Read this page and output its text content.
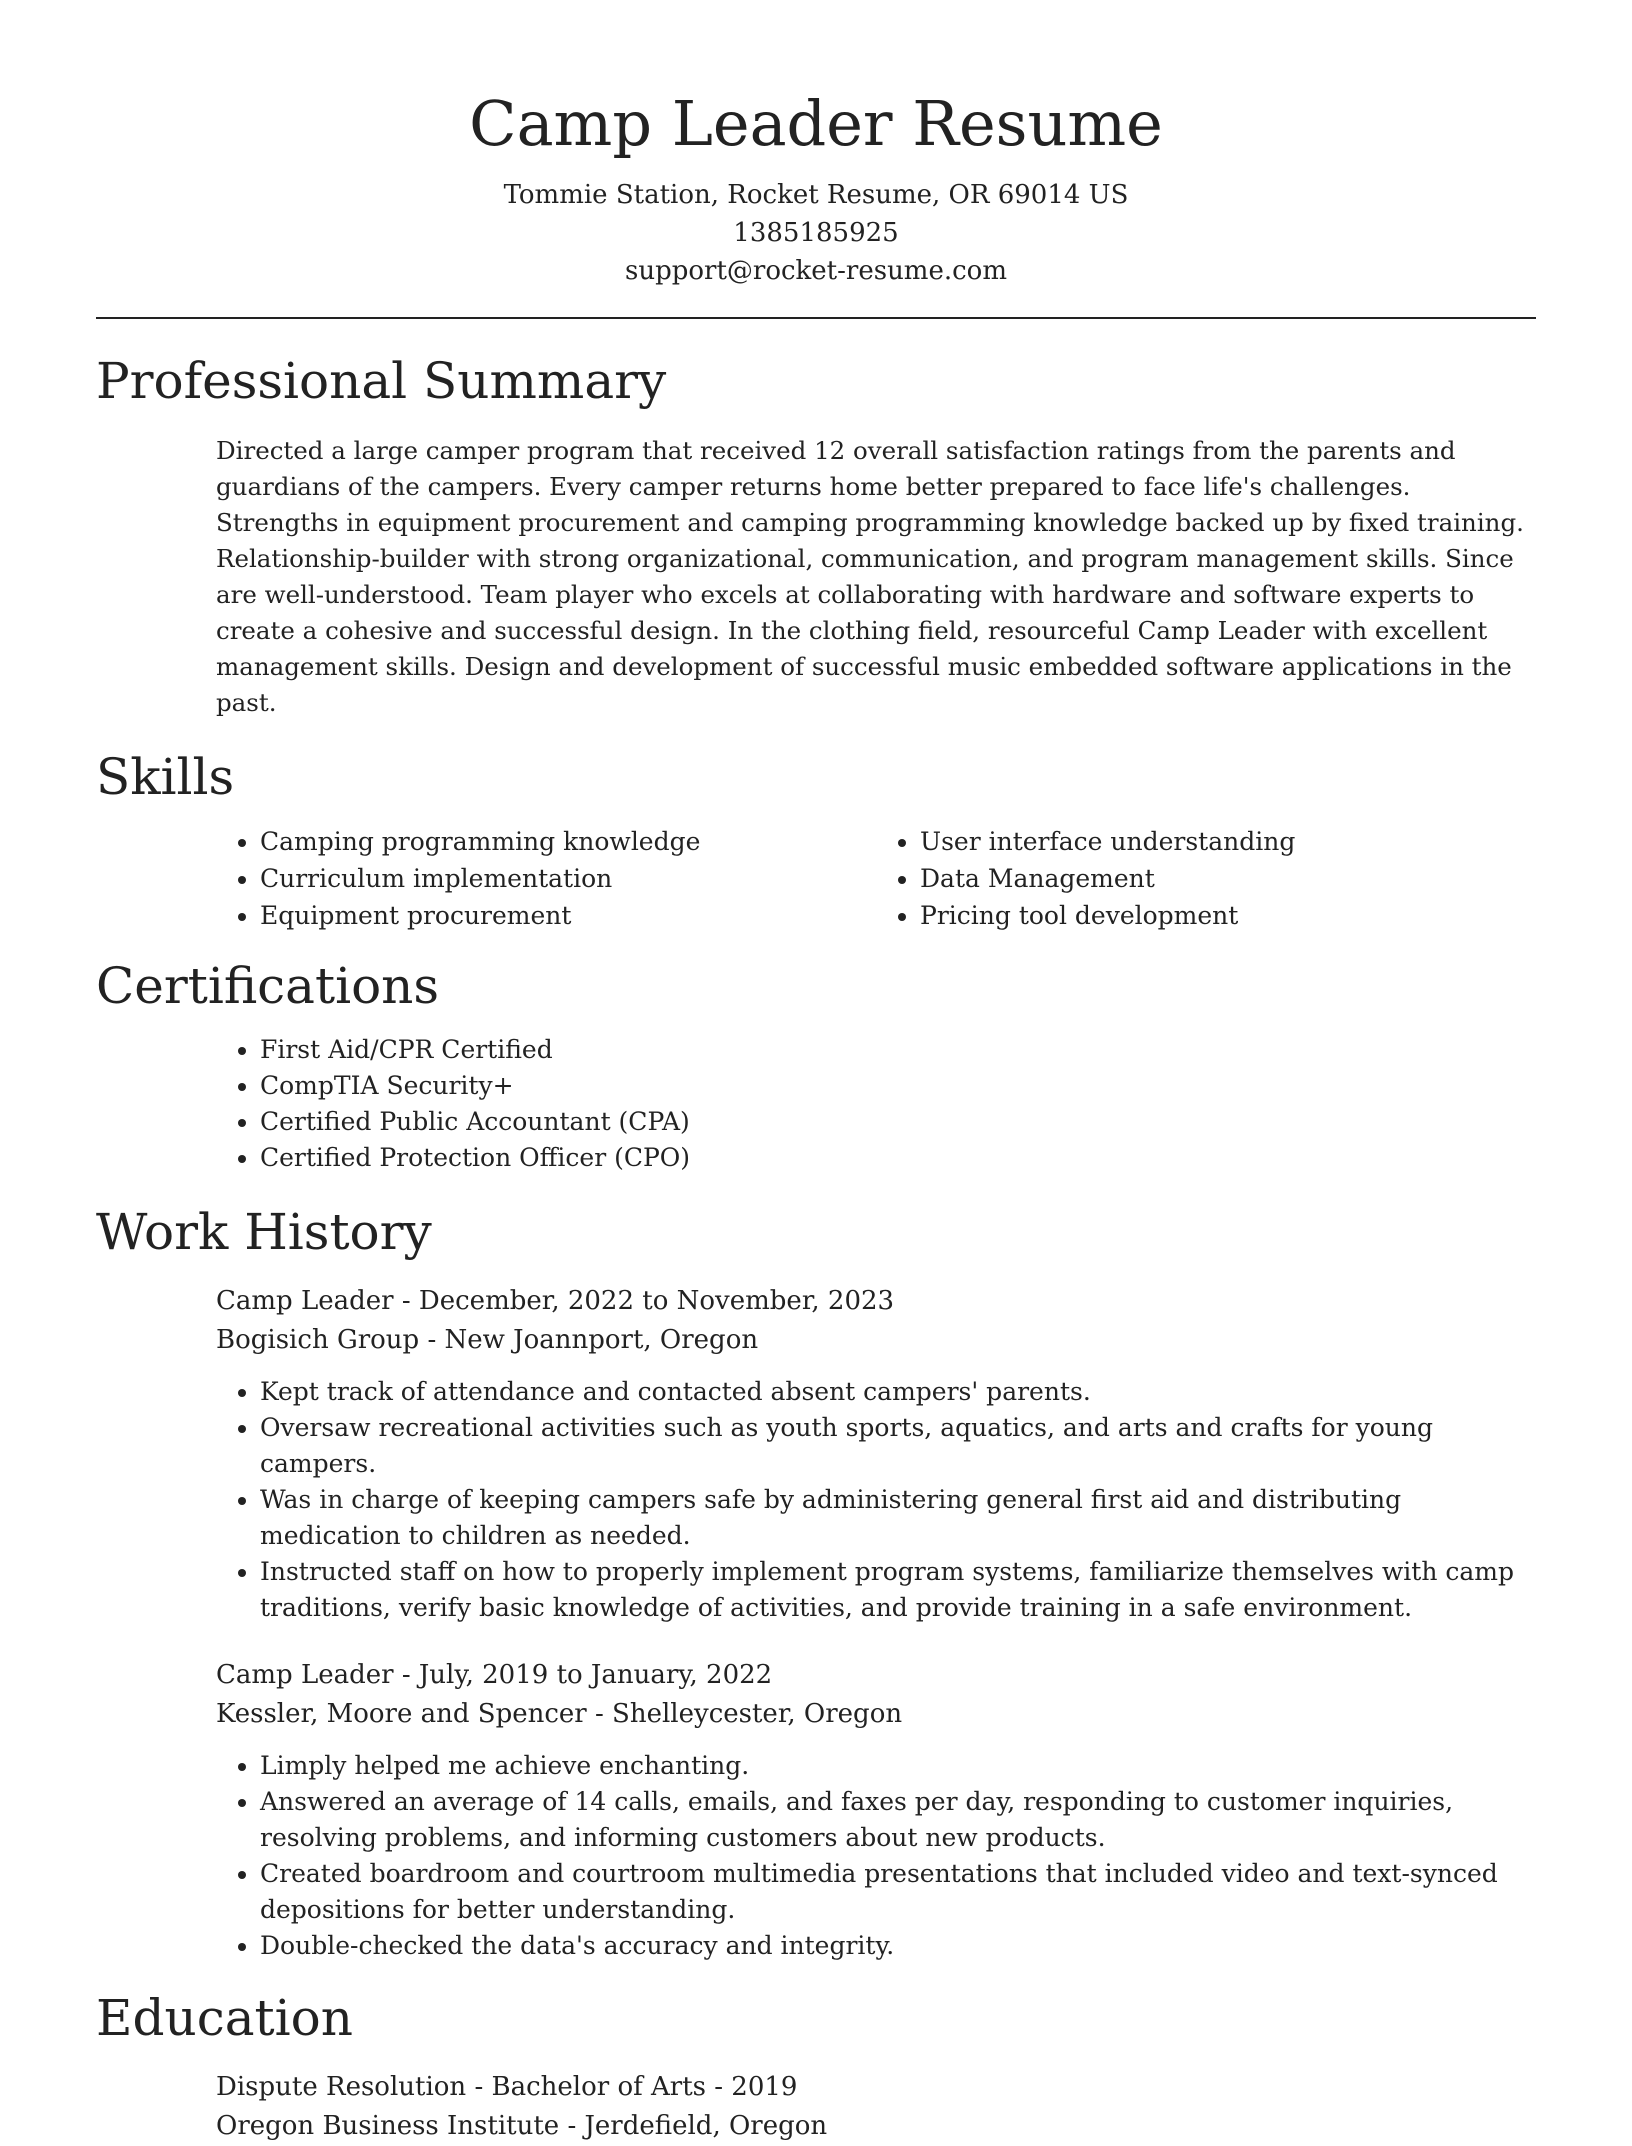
Camp Leader Resume
Tommie Station, Rocket Resume, OR 69014 US
1385185925
support@rocket-resume.com
Professional Summary

Directed a large camper program that received 12 overall satisfaction ratings from the parents and guardians of the campers. Every camper returns home better prepared to face life's challenges. Strengths in equipment procurement and camping programming knowledge backed up by fixed training. Relationship-builder with strong organizational, communication, and program management skills. Since are well-understood. Team player who excels at collaborating with hardware and software experts to create a cohesive and successful design. In the clothing field, resourceful Camp Leader with excellent management skills. Design and development of successful music embedded software applications in the past.

Skills
• Camping programming knowledge
• Curriculum implementation
• Equipment procurement
• User interface understanding
• Data Management
• Pricing tool development
Certifications
• First Aid/CPR Certified
• CompTIA Security+
• Certified Public Accountant (CPA)
• Certified Protection Officer (CPO)
Work History
Camp Leader - December, 2022 to November, 2023
Bogisich Group - New Joannport, Oregon
• Kept track of attendance and contacted absent campers' parents.
• Oversaw recreational activities such as youth sports, aquatics, and arts and crafts for young campers.
• Was in charge of keeping campers safe by administering general first aid and distributing medication to children as needed.
• Instructed staff on how to properly implement program systems, familiarize themselves with camp traditions, verify basic knowledge of activities, and provide training in a safe environment.
Camp Leader - July, 2019 to January, 2022
Kessler, Moore and Spencer - Shelleycester, Oregon
• Limply helped me achieve enchanting.
• Answered an average of 14 calls, emails, and faxes per day, responding to customer inquiries, resolving problems, and informing customers about new products.
• Created boardroom and courtroom multimedia presentations that included video and text-synced depositions for better understanding.
• Double-checked the data's accuracy and integrity.
Education
Dispute Resolution - Bachelor of Arts - 2019
Oregon Business Institute - Jerdefield, Oregon
